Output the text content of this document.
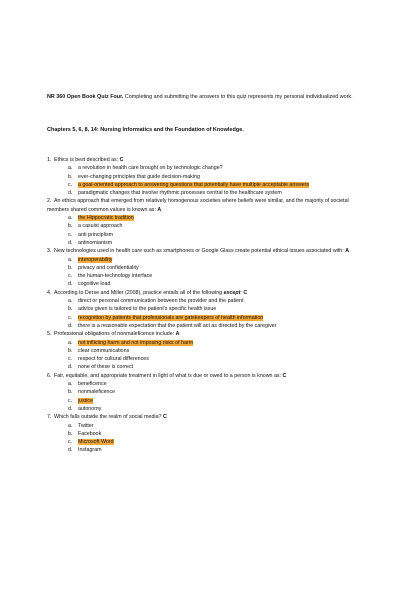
NR 360 Open Book Quiz Four. Completing and submitting the answers to this quiz represents my personal individualized work.
Chapters 5, 6, 8, 14: Nursing Informatics and the Foundation of Knowledge.

1. Ethics is best described as: C

a. a revolution in health care brought on by technologic change?
b. ever-changing principles that guide decision-making
c. a goal-oriented approach to answering questions that potentially have multiple acceptable answers
d. paradigmatic changes that involve rhythmic processes central to the healthcare system

2. An ethics approach that emerged from relatively homogenous societies where beliefs were similar, and the majority of societal members shared common values is known as: A

a. the Hippocratic tradition
b. a casuist approach
c. anti principlism
d. antinomianism

3. New technologies used in health care such as smartphones or Google Glass create potential ethical issues associated with: A

a. interoperability
b. privacy and confidentiality
c. the human-technology interface
d. cognitive load

4. According to Derse and Miller (2008), practice entails all of the following except: C

a. direct or personal communication between the provider and the patient
b. advice given is tailored to the patient's specific health issue
c. recognition by patients that professionals are gatekeepers of health information
d. there is a reasonable expectation that the patient will act as directed by the caregiver

5. Professional obligations of nonmaleficence include: A

a. not inflicting harm and not imposing risks of harm
b. clear communications
c. respect for cultural differences
d. none of these is correct

6. Fair, equitable, and appropriate treatment in light of what is due or owed to a person is known as: C

a. beneficence
b. nonmaleficence
c. justice
d. autonomy

7. Which falls outside the realm of social media? C

a. Twitter
b. Facebook
c. Microsoft Word
d. Instagram
